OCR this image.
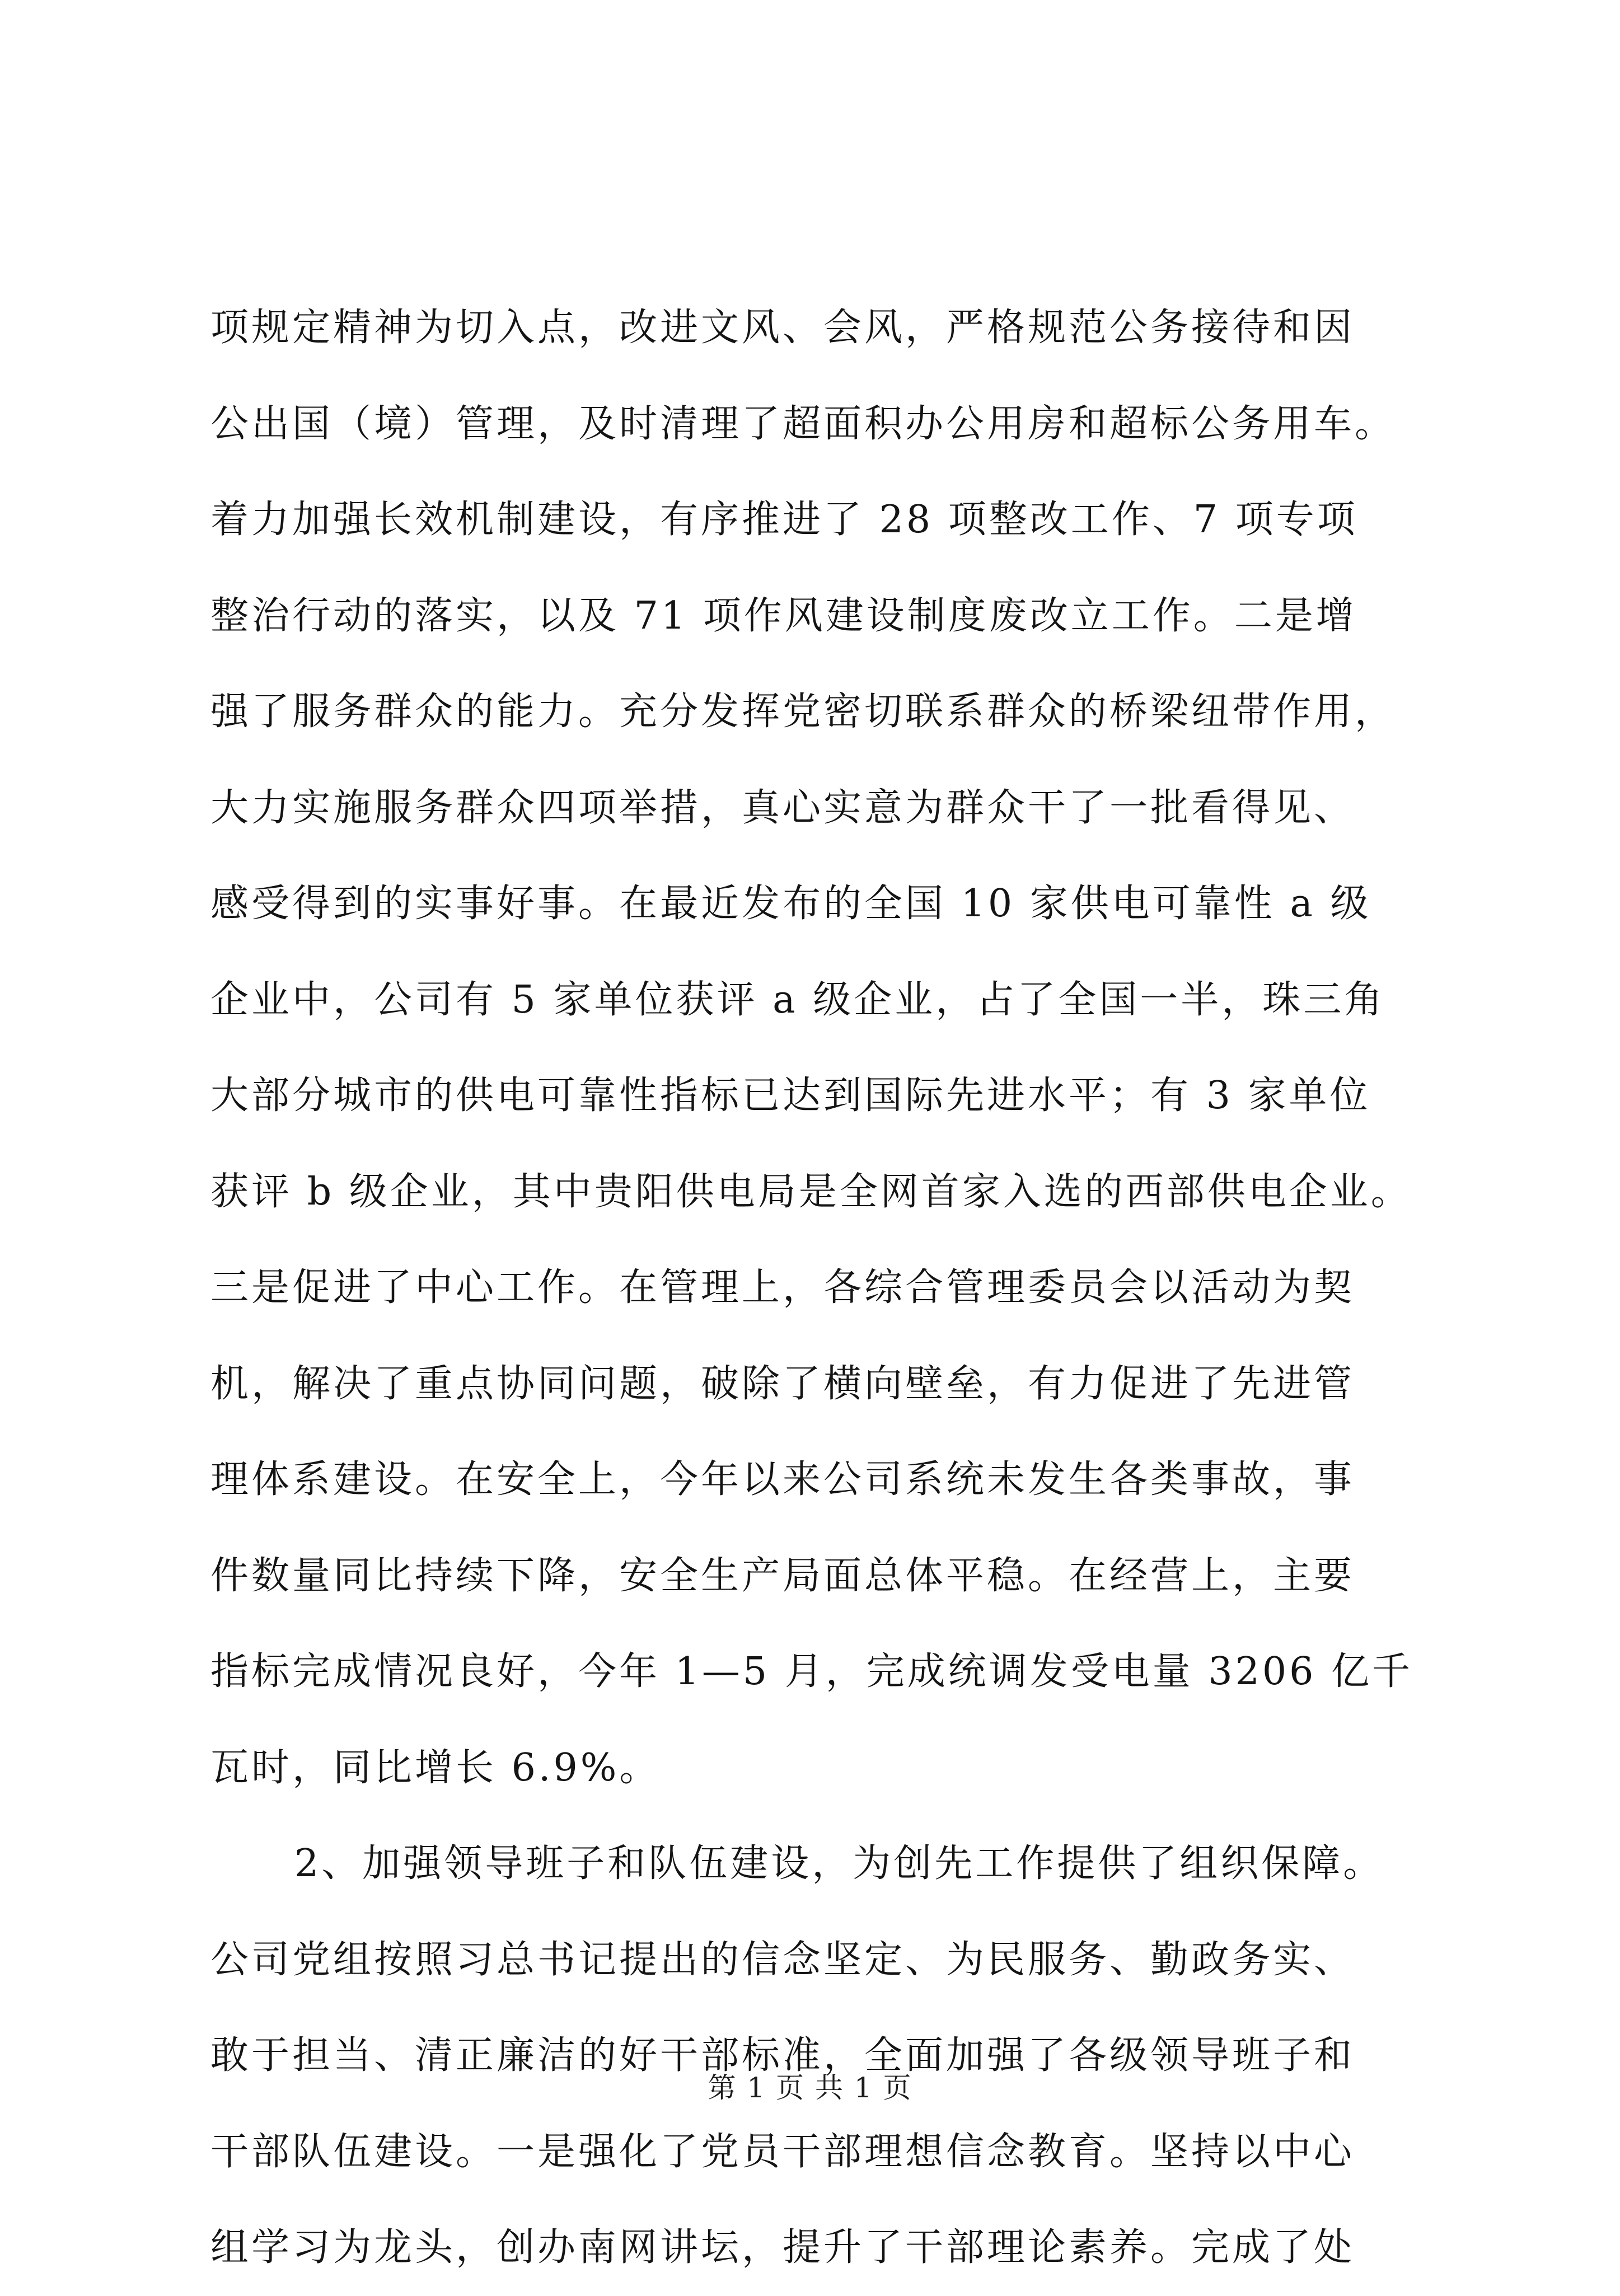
项规定精神为切入点，改进文风、会风，严格规范公务接待和因
公出国（境）管理，及时清理了超面积办公用房和超标公务用车。
着力加强长效机制建设，有序推进了 28 项整改工作、7 项专项
整治行动的落实，以及 71 项作风建设制度废改立工作。二是增
强了服务群众的能力。充分发挥党密切联系群众的桥梁纽带作用，
大力实施服务群众四项举措，真心实意为群众干了一批看得见、
感受得到的实事好事。在最近发布的全国 10 家供电可靠性 a 级
企业中，公司有 5 家单位获评 a 级企业，占了全国一半，珠三角
大部分城市的供电可靠性指标已达到国际先进水平；有 3 家单位
获评 b 级企业，其中贵阳供电局是全网首家入选的西部供电企业。
三是促进了中心工作。在管理上，各综合管理委员会以活动为契
机，解决了重点协同问题，破除了横向壁垒，有力促进了先进管
理体系建设。在安全上，今年以来公司系统未发生各类事故，事
件数量同比持续下降，安全生产局面总体平稳。在经营上，主要
指标完成情况良好，今年 1—5 月，完成统调发受电量 3206 亿千
瓦时，同比增长 6.9%。
2、加强领导班子和队伍建设，为创先工作提供了组织保障。
公司党组按照习总书记提出的信念坚定、为民服务、勤政务实、
敢于担当、清正廉洁的好干部标准，全面加强了各级领导班子和
干部队伍建设。一是强化了党员干部理想信念教育。坚持以中心
组学习为龙头，创办南网讲坛，提升了干部理论素养。完成了处
第 1 页 共 1 页
